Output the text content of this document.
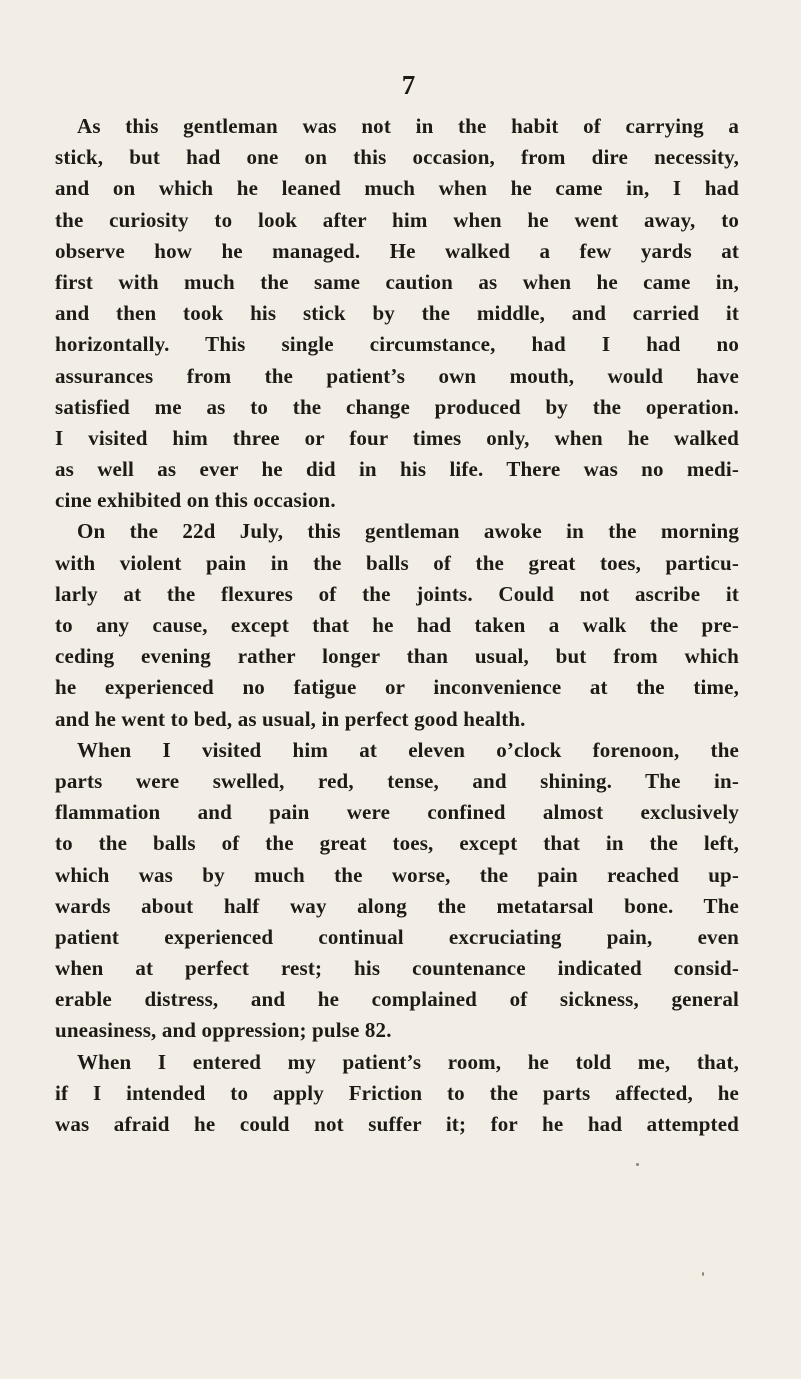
7
As this gentleman was not in the habit of carrying a
stick, but had one on this occasion, from dire necessity,
and on which he leaned much when he came in, I had
the curiosity to look after him when he went away, to
observe how he managed. He walked a few yards at
first with much the same caution as when he came in,
and then took his stick by the middle, and carried it
horizontally. This single circumstance, had I had no
assurances from the patient’s own mouth, would have
satisfied me as to the change produced by the operation.
I visited him three or four times only, when he walked
as well as ever he did in his life. There was no medi-
cine exhibited on this occasion.
On the 22d July, this gentleman awoke in the morning
with violent pain in the balls of the great toes, particu-
larly at the flexures of the joints. Could not ascribe it
to any cause, except that he had taken a walk the pre-
ceding evening rather longer than usual, but from which
he experienced no fatigue or inconvenience at the time,
and he went to bed, as usual, in perfect good health.
When I visited him at eleven o’clock forenoon, the
parts were swelled, red, tense, and shining. The in-
flammation and pain were confined almost exclusively
to the balls of the great toes, except that in the left,
which was by much the worse, the pain reached up-
wards about half way along the metatarsal bone. The
patient experienced continual excruciating pain, even
when at perfect rest; his countenance indicated consid-
erable distress, and he complained of sickness, general
uneasiness, and oppression; pulse 82.
When I entered my patient’s room, he told me, that,
if I intended to apply Friction to the parts affected, he
was afraid he could not suffer it; for he had attempted
